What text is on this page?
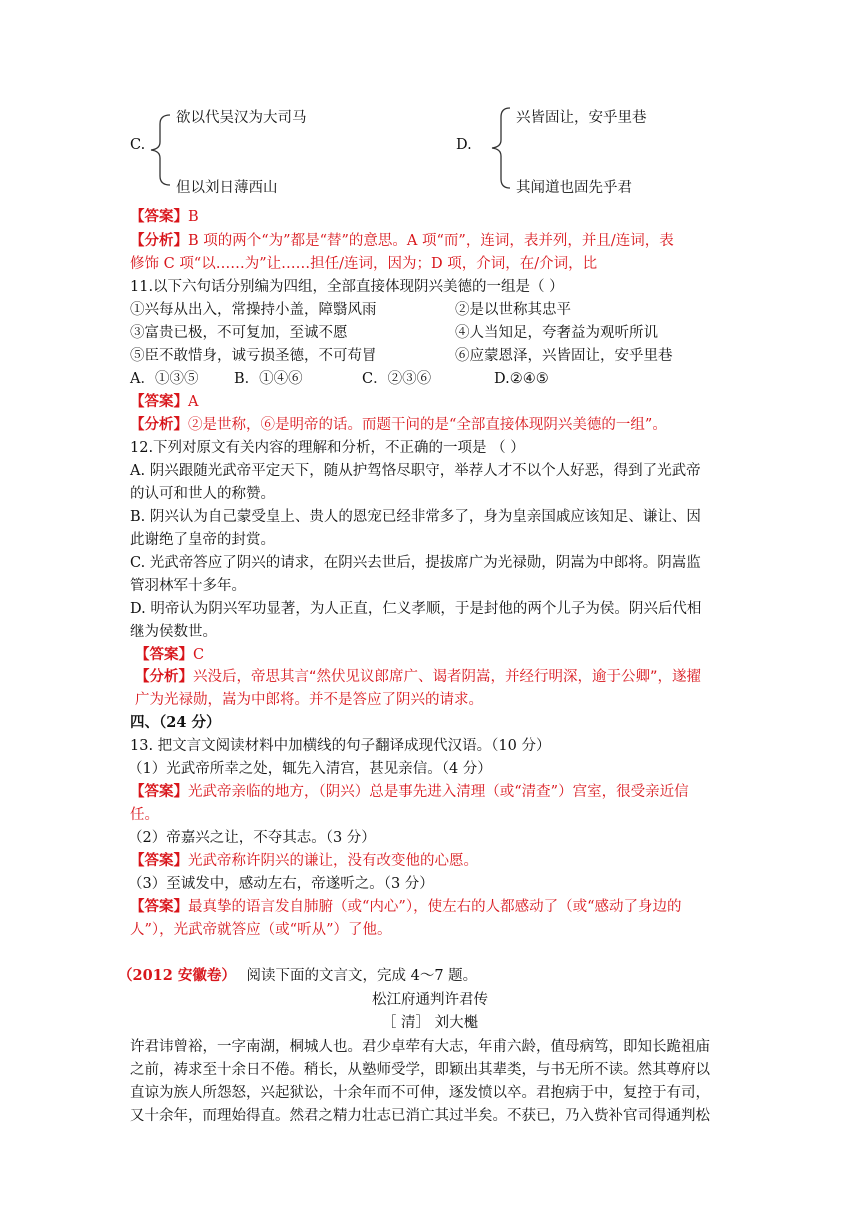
C.
欲以代吴汉为大司马
但以刘日薄西山
D.
兴皆固让，安乎里巷
其闻道也固先乎君
【答案】B
【分析】B 项的两个“为”都是“替”的意思。A 项“而”，连词，表并列，并且/连词，表
修饰 C 项“以……为”让……担任/连词，因为；D 项，介词，在/介词，比
11.以下六句话分别编为四组，全部直接体现阴兴美德的一组是（ ）
①兴每从出入，常操持小盖，障翳风雨	②是以世称其忠平
③富贵已极，不可复加，至诚不愿	④人当知足，夸奢益为观听所讥
⑤臣不敢惜身，诚亏损圣德，不可苟冒	⑥应蒙恩泽，兴皆固让，安乎里巷
A．①③⑤ B．①④⑥	C．②③⑥	D.②④⑤
【答案】A
【分析】②是世称，⑥是明帝的话。而题干问的是“全部直接体现阴兴美德的一组”。
12.下列对原文有关内容的理解和分析，不正确的一项是 （ ）
A. 阴兴跟随光武帝平定天下，随从护驾恪尽职守，举荐人才不以个人好恶，得到了光武帝
的认可和世人的称赞。
B. 阴兴认为自己蒙受皇上、贵人的恩宠已经非常多了，身为皇亲国戚应该知足、谦让、因
此谢绝了皇帝的封赏。
C. 光武帝答应了阴兴的请求，在阴兴去世后，提拔席广为光禄勋，阴嵩为中郎将。阴嵩监
管羽林军十多年。
D. 明帝认为阴兴军功显著，为人正直，仁义孝顺，于是封他的两个儿子为侯。阴兴后代相
继为侯数世。
【答案】C
【分析】兴没后，帝思其言“然伏见议郎席广、谒者阴嵩，并经行明深，逾于公卿”，遂擢
广为光禄勋，嵩为中郎将。并不是答应了阴兴的请求。
四、（24 分）
13. 把文言文阅读材料中加横线的句子翻译成现代汉语。（10 分）
（1）光武帝所幸之处，辄先入清宫，甚见亲信。（4 分）
【答案】光武帝亲临的地方，（阴兴）总是事先进入清理（或“清查”）宫室，很受亲近信
任。
（2）帝嘉兴之让，不夺其志。（3 分）
【答案】光武帝称许阴兴的谦让，没有改变他的心愿。
（3）至诚发中，感动左右，帝遂听之。（3 分）
【答案】最真挚的语言发自肺腑（或“内心”），使左右的人都感动了（或“感动了身边的
人”），光武帝就答应（或“听从”）了他。
（2012 安徽卷） 阅读下面的文言文，完成 4～7 题。
松江府通判许君传
［ 清］ 刘大櫆
许君讳曾裕，一字南湖，桐城人也。君少卓荦有大志，年甫六龄，值母病笃，即知长跪祖庙
之前，祷求至十余日不倦。稍长，从塾师受学，即颖出其辈类，与书无所不读。然其尊府以
直谅为族人所怨怒，兴起狱讼，十余年而不可伸，逐发愤以卒。君抱病于中，复控于有司，
又十余年，而理始得直。然君之精力壮志已消亡其过半矣。不获已，乃入赀补官司得通判松
